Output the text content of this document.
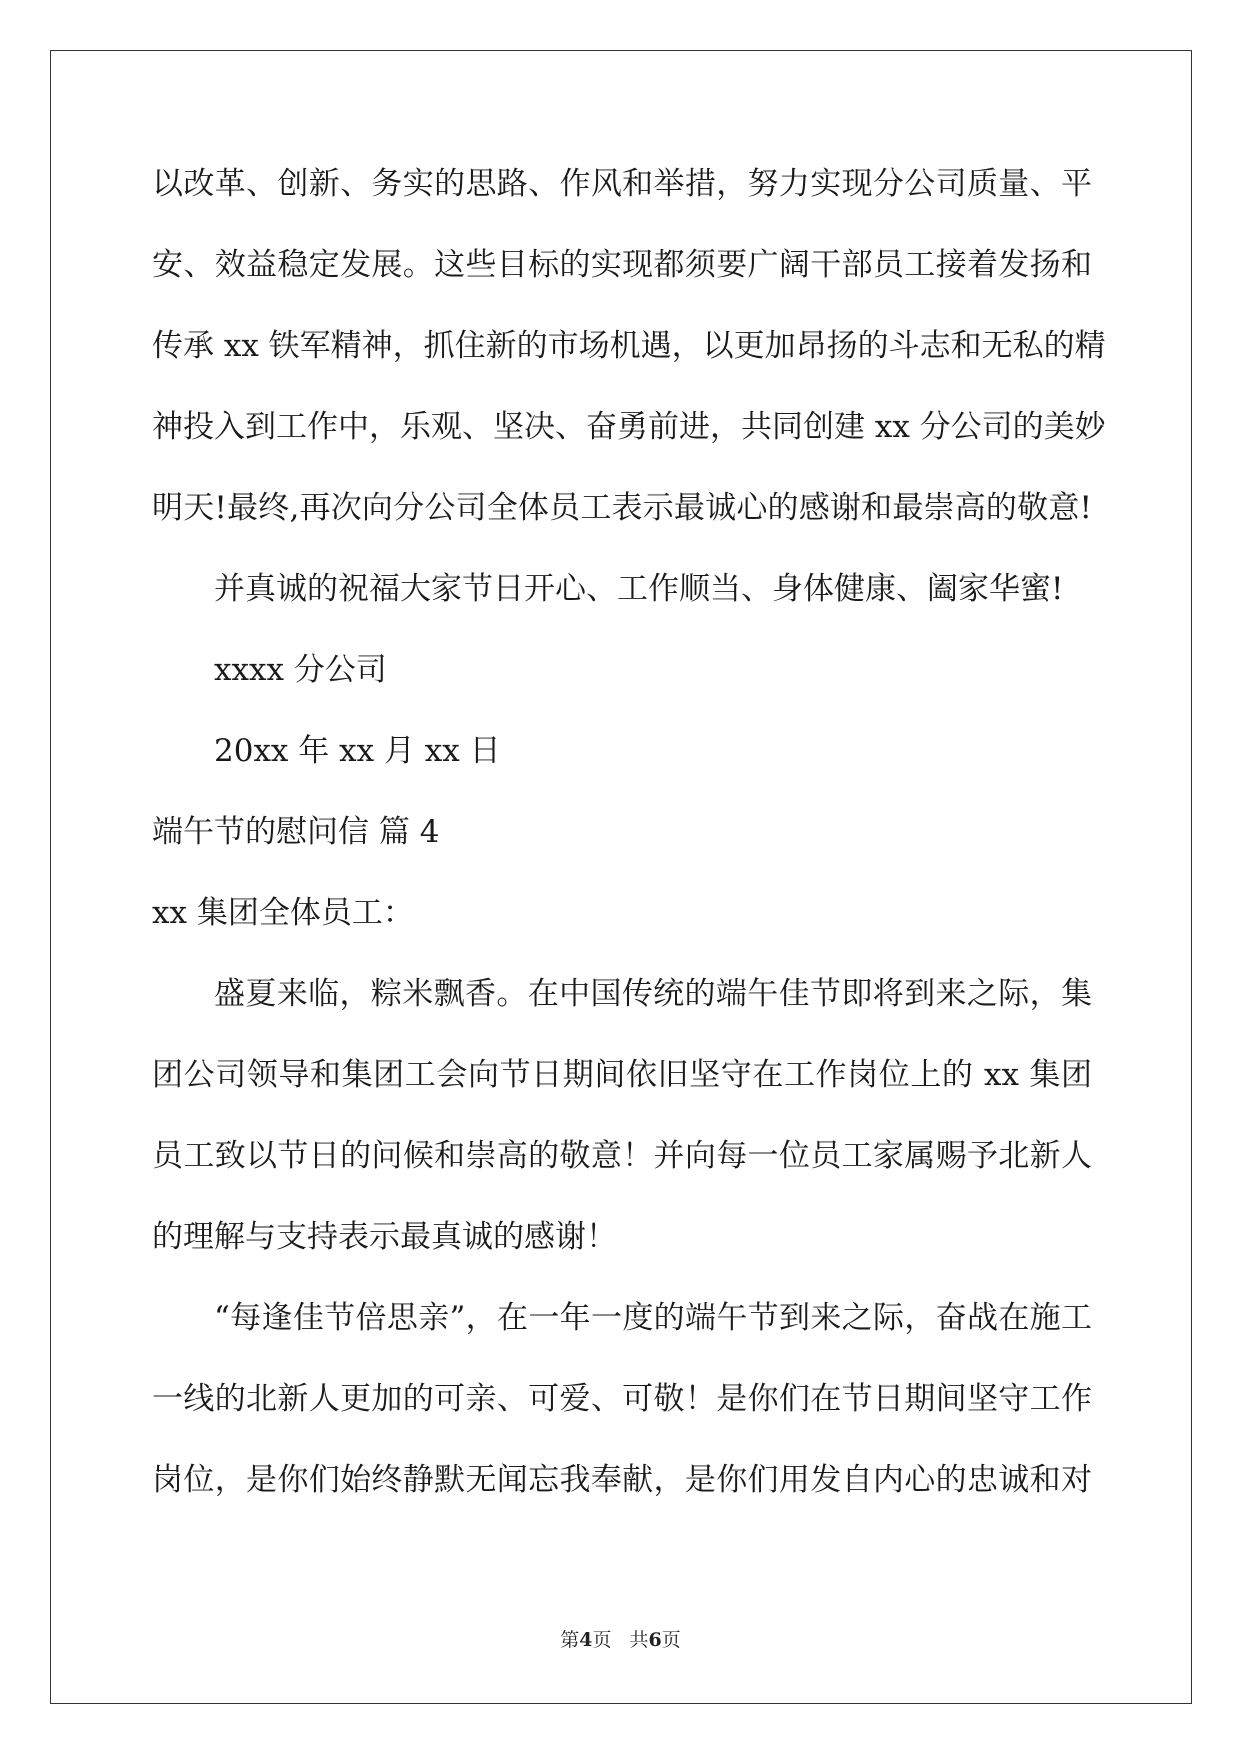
以改革、创新、务实的思路、作风和举措，努力实现分公司质量、平
安、效益稳定发展。这些目标的实现都须要广阔干部员工接着发扬和
传承 xx 铁军精神，抓住新的市场机遇，以更加昂扬的斗志和无私的精
神投入到工作中，乐观、坚决、奋勇前进，共同创建 xx 分公司的美妙
明天!最终,再次向分公司全体员工表示最诚心的感谢和最崇高的敬意!
并真诚的祝福大家节日开心、工作顺当、身体健康、阖家华蜜!
xxxx 分公司
20xx 年 xx 月 xx 日
端午节的慰问信 篇 4
xx 集团全体员工：
盛夏来临，粽米飘香。在中国传统的端午佳节即将到来之际，集
团公司领导和集团工会向节日期间依旧坚守在工作岗位上的 xx 集团
员工致以节日的问候和崇高的敬意！并向每一位员工家属赐予北新人
的理解与支持表示最真诚的感谢！
“每逢佳节倍思亲”，在一年一度的端午节到来之际，奋战在施工
一线的北新人更加的可亲、可爱、可敬！是你们在节日期间坚守工作
岗位，是你们始终静默无闻忘我奉献，是你们用发自内心的忠诚和对
第4页 共6页
